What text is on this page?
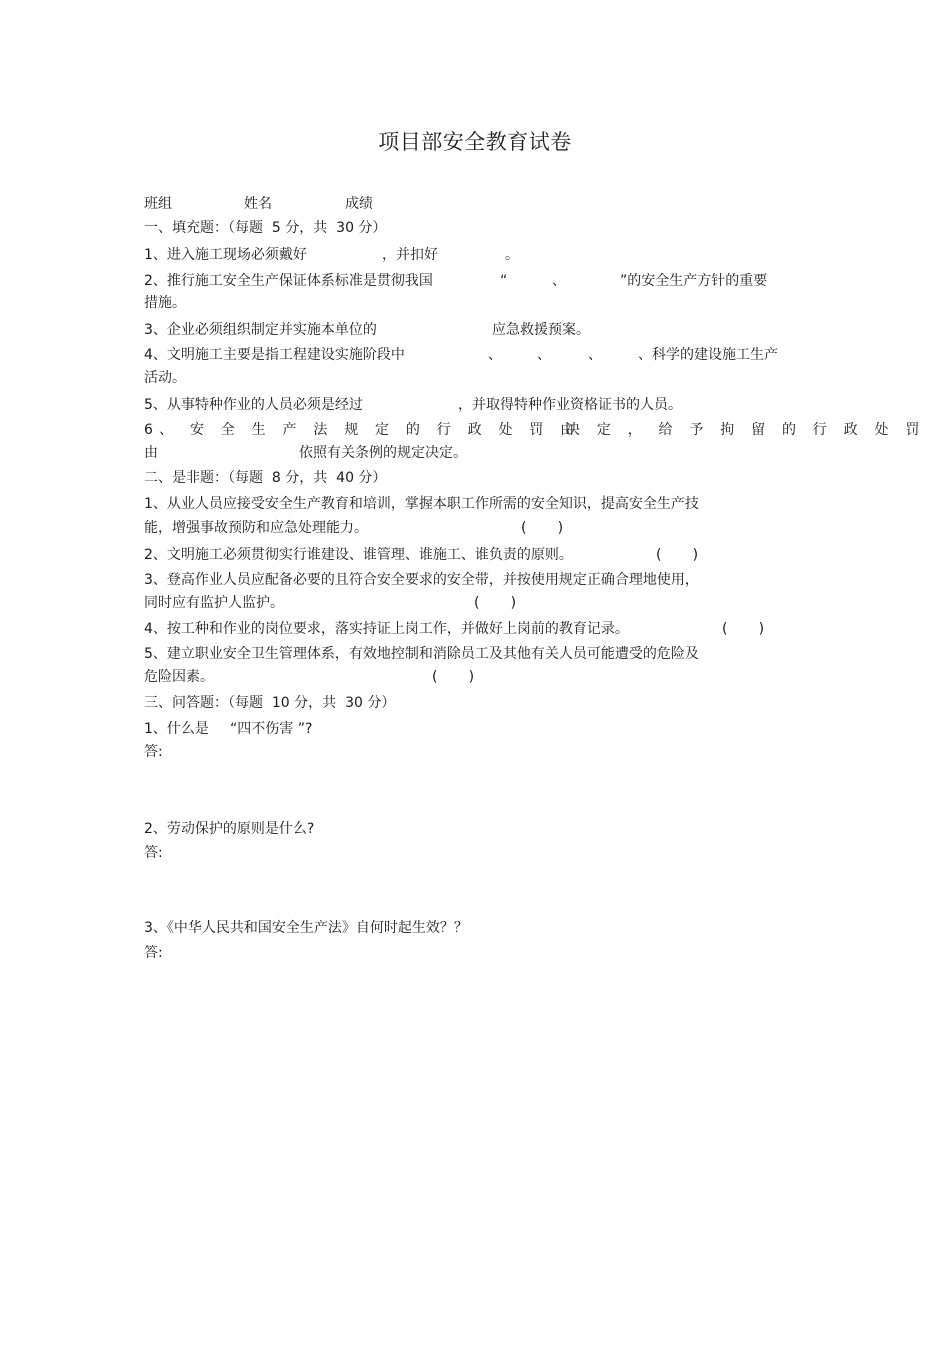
项目部安全教育试卷
班组	姓名	成绩
一、填充题：（每题  5 分，共  30 分）
1、进入施工现场必须戴好	，并扣好	。
2、推行施工安全生产保证体系标准是贯彻我国	“	、	”的安全生产方针的重要
措施。
3、企业必须组织制定并实施本单位的	应急救援预案。
4、文明施工主要是指工程建设实施阶段中	、	、	、	、科学的建设施工生产
活动。
5、从事特种作业的人员必须是经过	，并取得特种作业资格证书的人员。
6、 安 全 生 产 法 规 定 的 行 政 处 罚 由
决 定 ， 给 予 拘 留 的 行 政 处 罚
由	依照有关条例的规定决定。
二、是非题：（每题  8 分，共  40 分）
1、从业人员应接受安全生产教育和培训，掌握本职工作所需的安全知识，提高安全生产技
能，增强事故预防和应急处理能力。	(       )
2、文明施工必须贯彻实行谁建设、谁管理、谁施工、谁负责的原则。	(       )
3、登高作业人员应配备必要的且符合安全要求的安全带，并按使用规定正确合理地使用，
同时应有监护人监护。	(       )
4、按工种和作业的岗位要求，落实持证上岗工作，并做好上岗前的教育记录。	(       )
5、建立职业安全卫生管理体系，有效地控制和消除员工及其他有关人员可能遭受的危险及
危险因素。	(       )
三、问答题：（每题  10 分，共  30 分）
1、什么是 “四不伤害 ”?
答:
2、劳动保护的原则是什么?
答:
3、《中华人民共和国安全生产法》自何时起生效？？
答:
